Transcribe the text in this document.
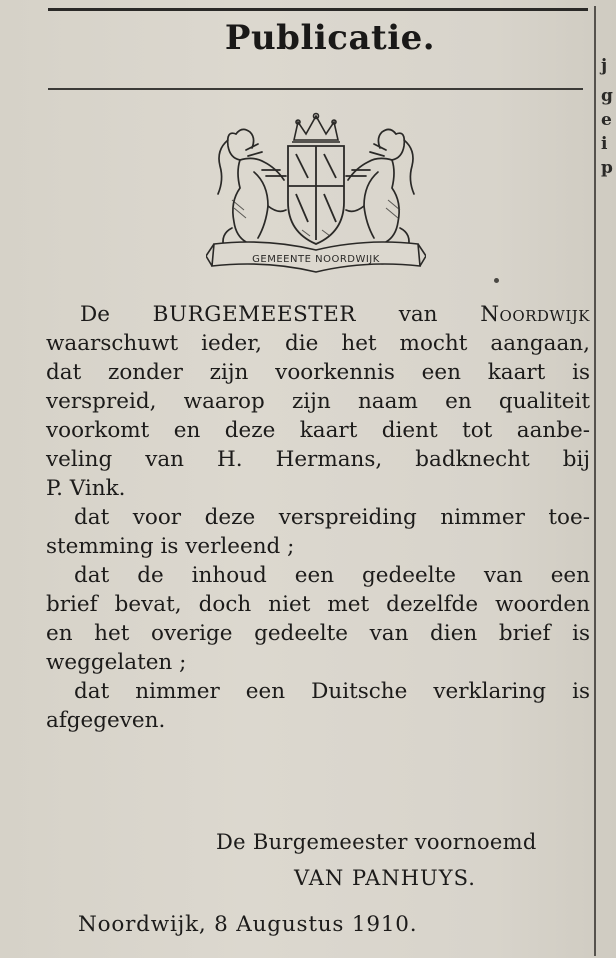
j
g
e
i
p
Publicatie.
GEMEENTE NOORDWIJK
De BURGEMEESTER van Noordwijk
waarschuwt ieder, die het mocht aangaan,
dat zonder zijn voorkennis een kaart is
verspreid, waarop zijn naam en qualiteit
voorkomt en deze kaart dient tot aanbe-
veling van H. Hermans, badknecht bij
P. Vink.
dat voor deze verspreiding nimmer toe-
stemming is verleend ;
dat de inhoud een gedeelte van een
brief bevat, doch niet met dezelfde woorden
en het overige gedeelte van dien brief is
weggelaten ;
dat nimmer een Duitsche verklaring is
afgegeven.
De Burgemeester voornoemd
VAN PANHUYS.
Noordwijk, 8 Augustus 1910.
